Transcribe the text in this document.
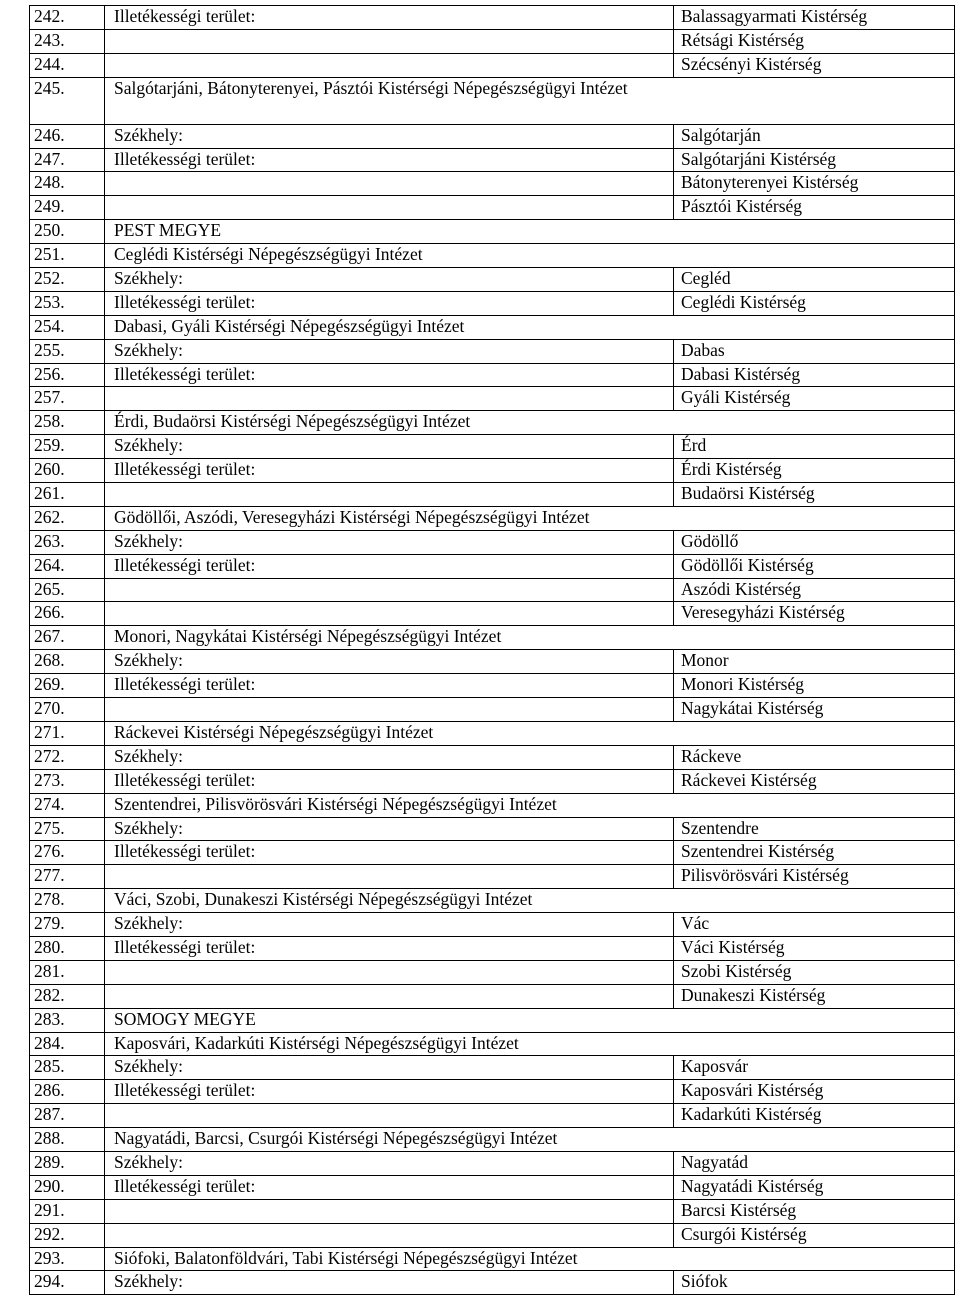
242.	Illetékességi terület:	Balassagyarmati Kistérség
243.		Rétsági Kistérség
244.		Szécsényi Kistérség
245.	Salgótarjáni, Bátonyterenyei, Pásztói Kistérségi Népegészségügyi Intézet	
246.	Székhely:	Salgótarján
247.	Illetékességi terület:	Salgótarjáni Kistérség
248.		Bátonyterenyei Kistérség
249.		Pásztói Kistérség
250.	PEST MEGYE	
251.	Ceglédi Kistérségi Népegészségügyi Intézet	
252.	Székhely:	Cegléd
253.	Illetékességi terület:	Ceglédi Kistérség
254.	Dabasi, Gyáli Kistérségi Népegészségügyi Intézet	
255.	Székhely:	Dabas
256.	Illetékességi terület:	Dabasi Kistérség
257.		Gyáli Kistérség
258.	Érdi, Budaörsi Kistérségi Népegészségügyi Intézet	
259.	Székhely:	Érd
260.	Illetékességi terület:	Érdi Kistérség
261.		Budaörsi Kistérség
262.	Gödöllői, Aszódi, Veresegyházi Kistérségi Népegészségügyi Intézet	
263.	Székhely:	Gödöllő
264.	Illetékességi terület:	Gödöllői Kistérség
265.		Aszódi Kistérség
266.		Veresegyházi Kistérség
267.	Monori, Nagykátai Kistérségi Népegészségügyi Intézet	
268.	Székhely:	Monor
269.	Illetékességi terület:	Monori Kistérség
270.		Nagykátai Kistérség
271.	Ráckevei Kistérségi Népegészségügyi Intézet	
272.	Székhely:	Ráckeve
273.	Illetékességi terület:	Ráckevei Kistérség
274.	Szentendrei, Pilisvörösvári Kistérségi Népegészségügyi Intézet	
275.	Székhely:	Szentendre
276.	Illetékességi terület:	Szentendrei Kistérség
277.		Pilisvörösvári Kistérség
278.	Váci, Szobi, Dunakeszi Kistérségi Népegészségügyi Intézet	
279.	Székhely:	Vác
280.	Illetékességi terület:	Váci Kistérség
281.		Szobi Kistérség
282.		Dunakeszi Kistérség
283.	SOMOGY MEGYE	
284.	Kaposvári, Kadarkúti Kistérségi Népegészségügyi Intézet	
285.	Székhely:	Kaposvár
286.	Illetékességi terület:	Kaposvári Kistérség
287.		Kadarkúti Kistérség
288.	Nagyatádi, Barcsi, Csurgói Kistérségi Népegészségügyi Intézet	
289.	Székhely:	Nagyatád
290.	Illetékességi terület:	Nagyatádi Kistérség
291.		Barcsi Kistérség
292.		Csurgói Kistérség
293.	Siófoki, Balatonföldvári, Tabi Kistérségi Népegészségügyi Intézet	
294.	Székhely:	Siófok
